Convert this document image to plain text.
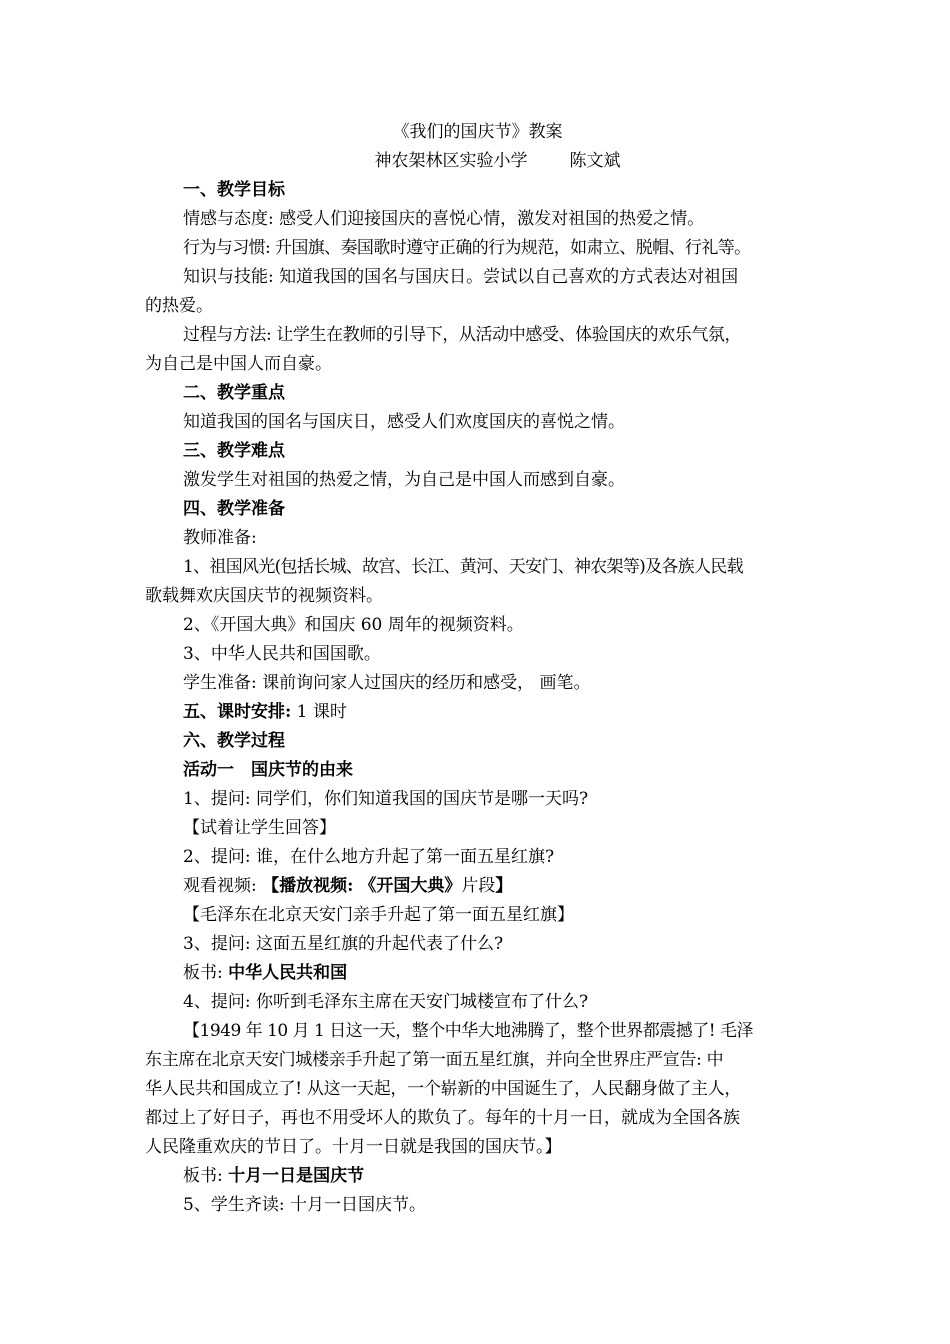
《我们的国庆节》教案
神农架林区实验小学 陈文斌
一、教学目标
情感与态度: 感受人们迎接国庆的喜悦心情，激发对祖国的热爱之情。
行为与习惯: 升国旗、奏国歌时遵守正确的行为规范，如肃立、脱帽、行礼等。
知识与技能: 知道我国的国名与国庆日。尝试以自己喜欢的方式表达对祖国
的热爱。
过程与方法: 让学生在教师的引导下，从活动中感受、体验国庆的欢乐气氛，
为自己是中国人而自豪。
二、教学重点
知道我国的国名与国庆日，感受人们欢度国庆的喜悦之情。
三、教学难点
激发学生对祖国的热爱之情，为自己是中国人而感到自豪。
四、教学准备
教师准备:
1、祖国风光(包括长城、故宫、长江、黄河、天安门、神农架等)及各族人民载
歌载舞欢庆国庆节的视频资料。
2、《开国大典》和国庆 60 周年的视频资料。
3、中华人民共和国国歌。
学生准备: 课前询问家人过国庆的经历和感受， 画笔。
五、课时安排: 1 课时
六、教学过程
活动一　国庆节的由来
1、提问: 同学们，你们知道我国的国庆节是哪一天吗?
【试着让学生回答】
2、提问: 谁，在什么地方升起了第一面五星红旗?
观看视频: 【播放视频: 《开国大典》片段】
【毛泽东在北京天安门亲手升起了第一面五星红旗】
3、提问: 这面五星红旗的升起代表了什么?
板书: 中华人民共和国
4、提问: 你听到毛泽东主席在天安门城楼宣布了什么?
【1949 年 10 月 1 日这一天，整个中华大地沸腾了，整个世界都震撼了! 毛泽
东主席在北京天安门城楼亲手升起了第一面五星红旗，并向全世界庄严宣告: 中
华人民共和国成立了! 从这一天起，一个崭新的中国诞生了，人民翻身做了主人，
都过上了好日子，再也不用受坏人的欺负了。每年的十月一日，就成为全国各族
人民隆重欢庆的节日了。十月一日就是我国的国庆节。】
板书: 十月一日是国庆节
5、学生齐读: 十月一日国庆节。
